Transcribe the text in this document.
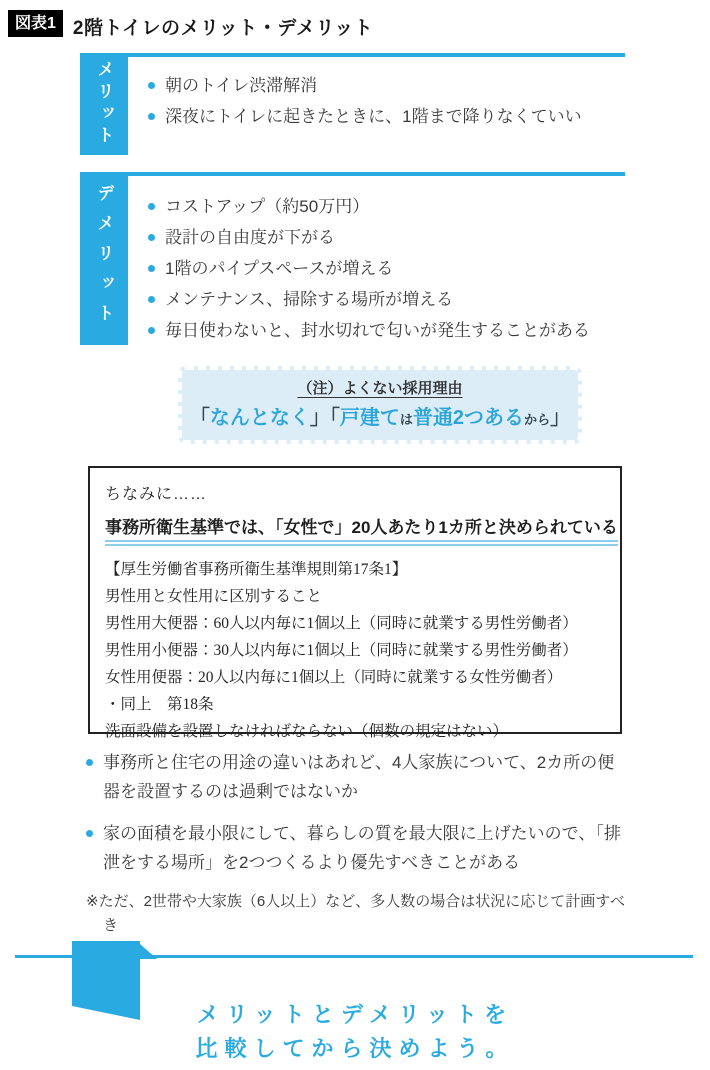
図表1 2階トイレのメリット・デメリット
メリット	朝のトイレ渋滞解消
深夜にトイレに起きたときに、1階まで降りなくていい
デメリット	コストアップ（約50万円）
設計の自由度が下がる
1階のパイプスペースが増える
メンテナンス、掃除する場所が増える
毎日使わないと、封水切れで匂いが発生することがある
（注）よくない採用理由
「なんとなく」「戸建ては普通2つあるから」
ちなみに……
事務所衛生基準では、「女性で」20人あたり1カ所と決められている
【厚生労働省事務所衛生基準規則第17条1】
男性用と女性用に区別すること
男性用大便器：60人以内毎に1個以上（同時に就業する男性労働者）
男性用小便器：30人以内毎に1個以上（同時に就業する男性労働者）
女性用便器：20人以内毎に1個以上（同時に就業する女性労働者）
・同上　第18条
洗面設備を設置しなければならない（個数の規定はない）
事務所と住宅の用途の違いはあれど、4人家族について、2カ所の便器を設置するのは過剰ではないか
家の面積を最小限にして、暮らしの質を最大限に上げたいので、「排泄をする場所」を2つつくるより優先すべきことがある
※ただ、2世帯や大家族（6人以上）など、多人数の場合は状況に応じて計画すべき
メリットとデメリットを
比較してから決めよう。
